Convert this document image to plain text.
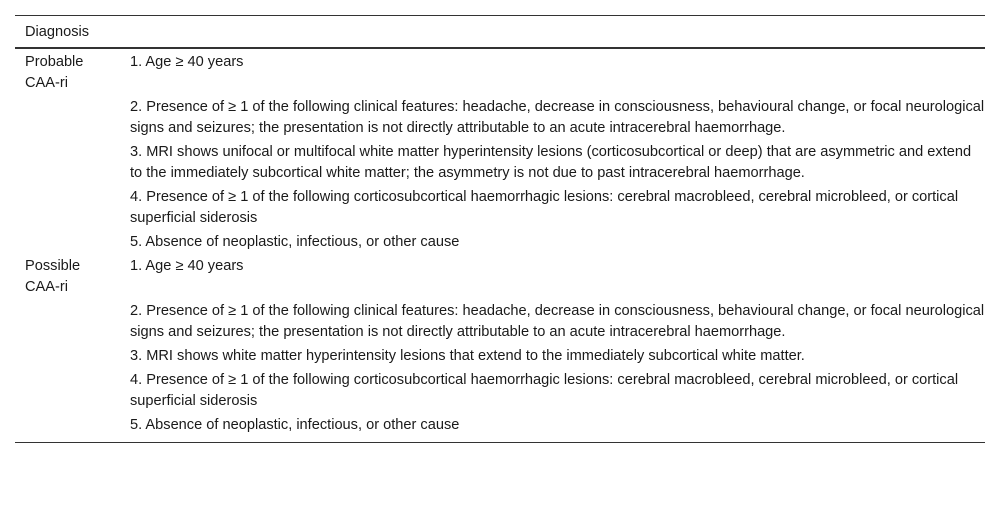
Diagnosis
Probable
CAA-ri
1. Age ≥ 40 years
2. Presence of ≥ 1 of the following clinical features: headache, decrease in consciousness, behavioural change, or focal neurological signs and seizures; the presentation is not directly attributable to an acute intracerebral haemorrhage.
3. MRI shows unifocal or multifocal white matter hyperintensity lesions (corticosubcortical or deep) that are asymmetric and extend to the immediately subcortical white matter; the asymmetry is not due to past intracerebral haemorrhage.
4. Presence of ≥ 1 of the following corticosubcortical haemorrhagic lesions: cerebral macrobleed, cerebral microbleed, or cortical superficial siderosis
5. Absence of neoplastic, infectious, or other cause
Possible
CAA-ri
1. Age ≥ 40 years
2. Presence of ≥ 1 of the following clinical features: headache, decrease in consciousness, behavioural change, or focal neurological signs and seizures; the presentation is not directly attributable to an acute intracerebral haemorrhage.
3. MRI shows white matter hyperintensity lesions that extend to the immediately subcortical white matter.
4. Presence of ≥ 1 of the following corticosubcortical haemorrhagic lesions: cerebral macrobleed, cerebral microbleed, or cortical superficial siderosis
5. Absence of neoplastic, infectious, or other cause
